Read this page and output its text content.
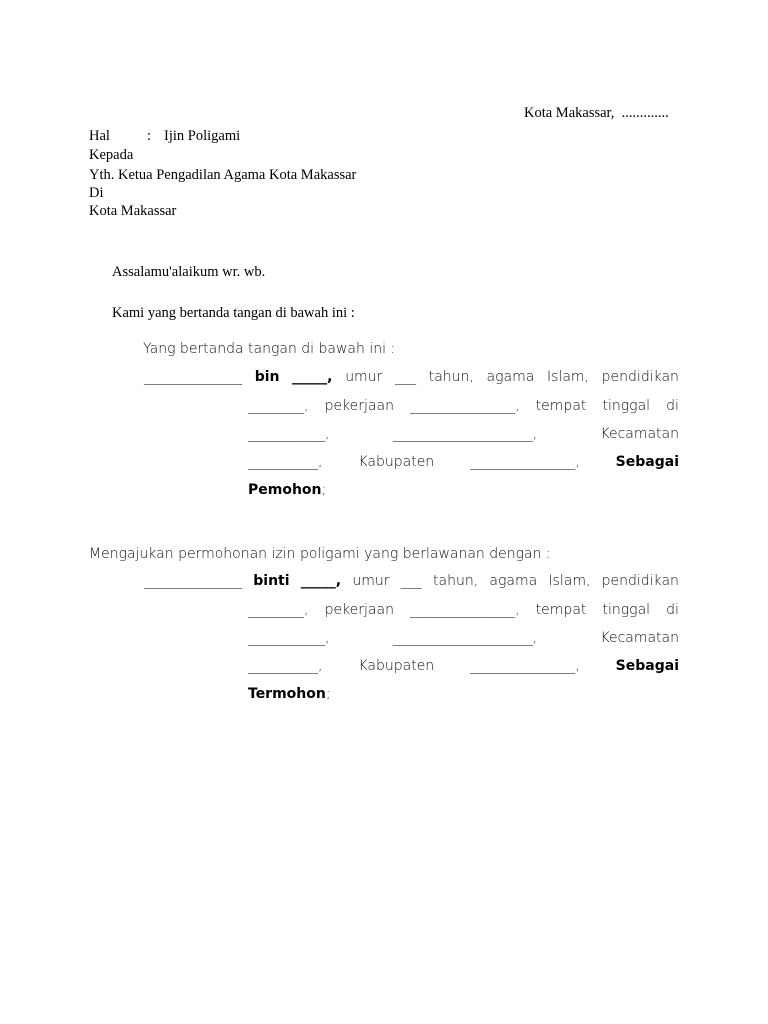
Kota Makassar,  .............
Hal	: Ijin Poligami
Kepada
Yth. Ketua Pengadilan Agama Kota Makassar
Di
Kota Makassar
Assalamu'alaikum wr. wb.
Kami yang bertanda tangan di bawah ini :
Yang bertanda tangan di bawah ini :
______________ bin _____, umur ___ tahun, agama Islam, pendidikan
________, pekerjaan _______________, tempat tinggal di
___________,	____________________,	Kecamatan
__________,	Kabupaten	_______________,	Sebagai
Pemohon;
Mengajukan permohonan izin poligami yang berlawanan dengan :
______________ binti _____, umur ___ tahun, agama Islam, pendidikan
________, pekerjaan _______________, tempat tinggal di
___________,	____________________,	Kecamatan
__________,	Kabupaten	_______________,	Sebagai
Termohon;
